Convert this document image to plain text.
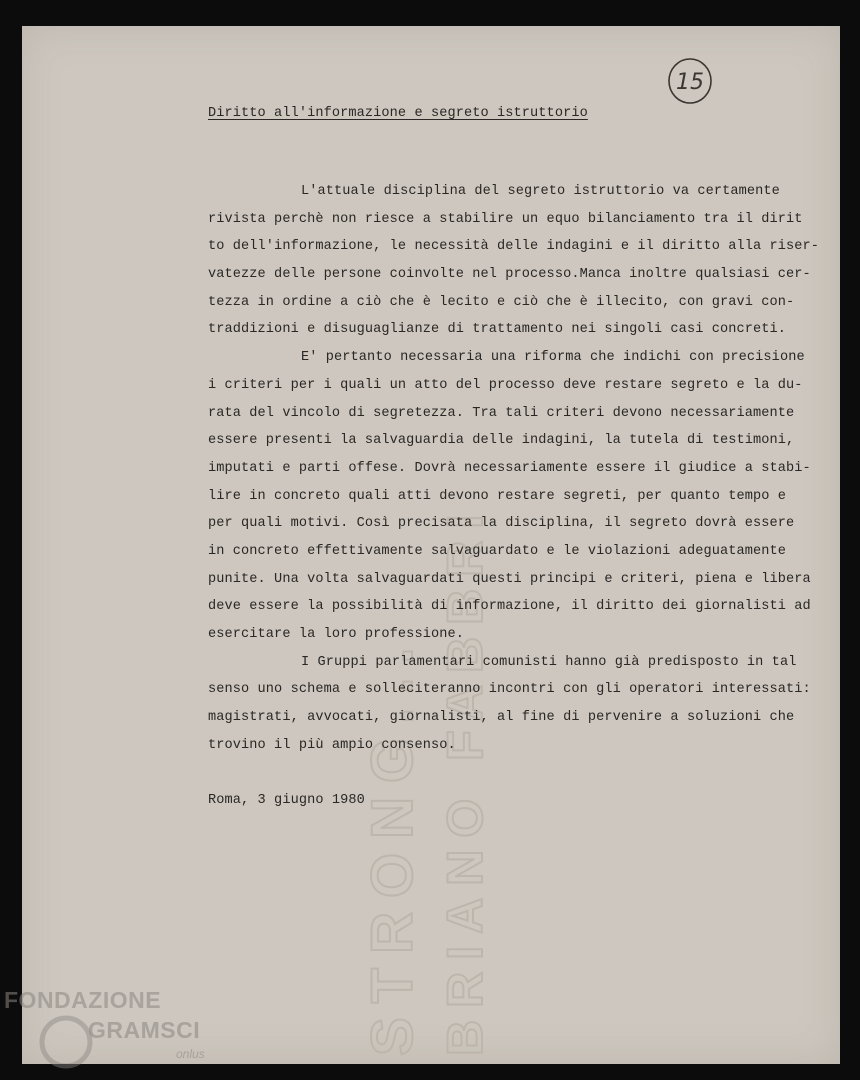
STRONG... BRIANO FABBRI
15
Diritto all'informazione e segreto istruttorio
L'attuale disciplina del segreto istruttorio va certamente
rivista perchè non riesce a stabilire un equo bilanciamento tra il dirit
to dell'informazione, le necessità delle indagini e il diritto alla riser-
vatezze delle persone coinvolte nel processo.Manca inoltre qualsiasi cer-
tezza in ordine a ciò che è lecito e ciò che è illecito, con gravi con-
traddizioni e disuguaglianze di trattamento nei singoli casi concreti.
E' pertanto necessaria una riforma che indichi con precisione
i criteri per i quali un atto del processo deve restare segreto e la du-
rata del vincolo di segretezza. Tra tali criteri devono necessariamente
essere presenti la salvaguardia delle indagini, la tutela di testimoni,
imputati e parti offese. Dovrà necessariamente essere il giudice a stabi-
lire in concreto quali atti devono restare segreti, per quanto tempo e
per quali motivi. Così precisata la disciplina, il segreto dovrà essere
in concreto effettivamente salvaguardato e le violazioni adeguatamente
punite. Una volta salvaguardati questi principi e criteri, piena e libera
deve essere la possibilità di informazione, il diritto dei giornalisti ad
esercitare la loro professione.
I Gruppi parlamentari comunisti hanno già predisposto in tal
senso uno schema e solleciteranno incontri con gli operatori interessati:
magistrati, avvocati, giornalisti, al fine di pervenire a soluzioni che
trovino il più ampio consenso.
Roma, 3 giugno 1980
FONDAZIONE
GRAMSCI
onlus
